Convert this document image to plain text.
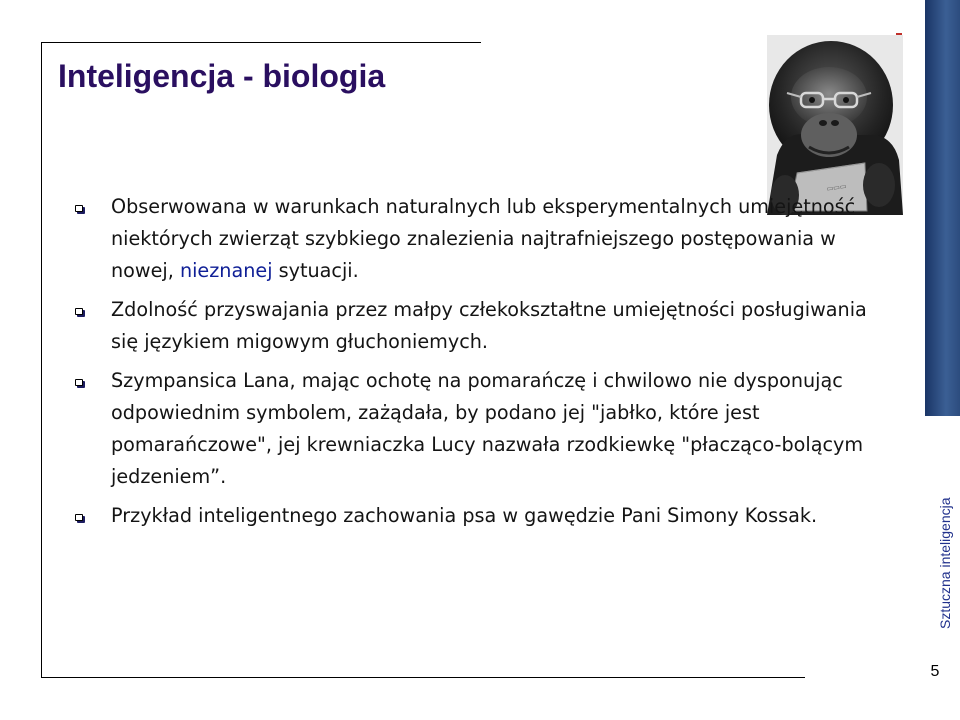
Inteligencja - biologia
▭▭▭
Obserwowana w warunkach naturalnych lub eksperymentalnych umiejętność niektórych zwierząt szybkiego znalezienia najtrafniejszego postępowania w nowej, nieznanej sytuacji.
Zdolność przyswajania przez małpy człekokształtne umiejętności posługiwania się językiem migowym głuchoniemych.
Szympansica Lana, mając ochotę na pomarańczę i chwilowo nie dysponując odpowiednim symbolem, zażądała, by podano jej "jabłko, które jest pomarańczowe", jej krewniaczka Lucy nazwała rzodkiewkę "płacząco-bolącym jedzeniem”.
Przykład inteligentnego zachowania psa w gawędzie Pani Simony Kossak.	Sztuczna inteligencja
5
